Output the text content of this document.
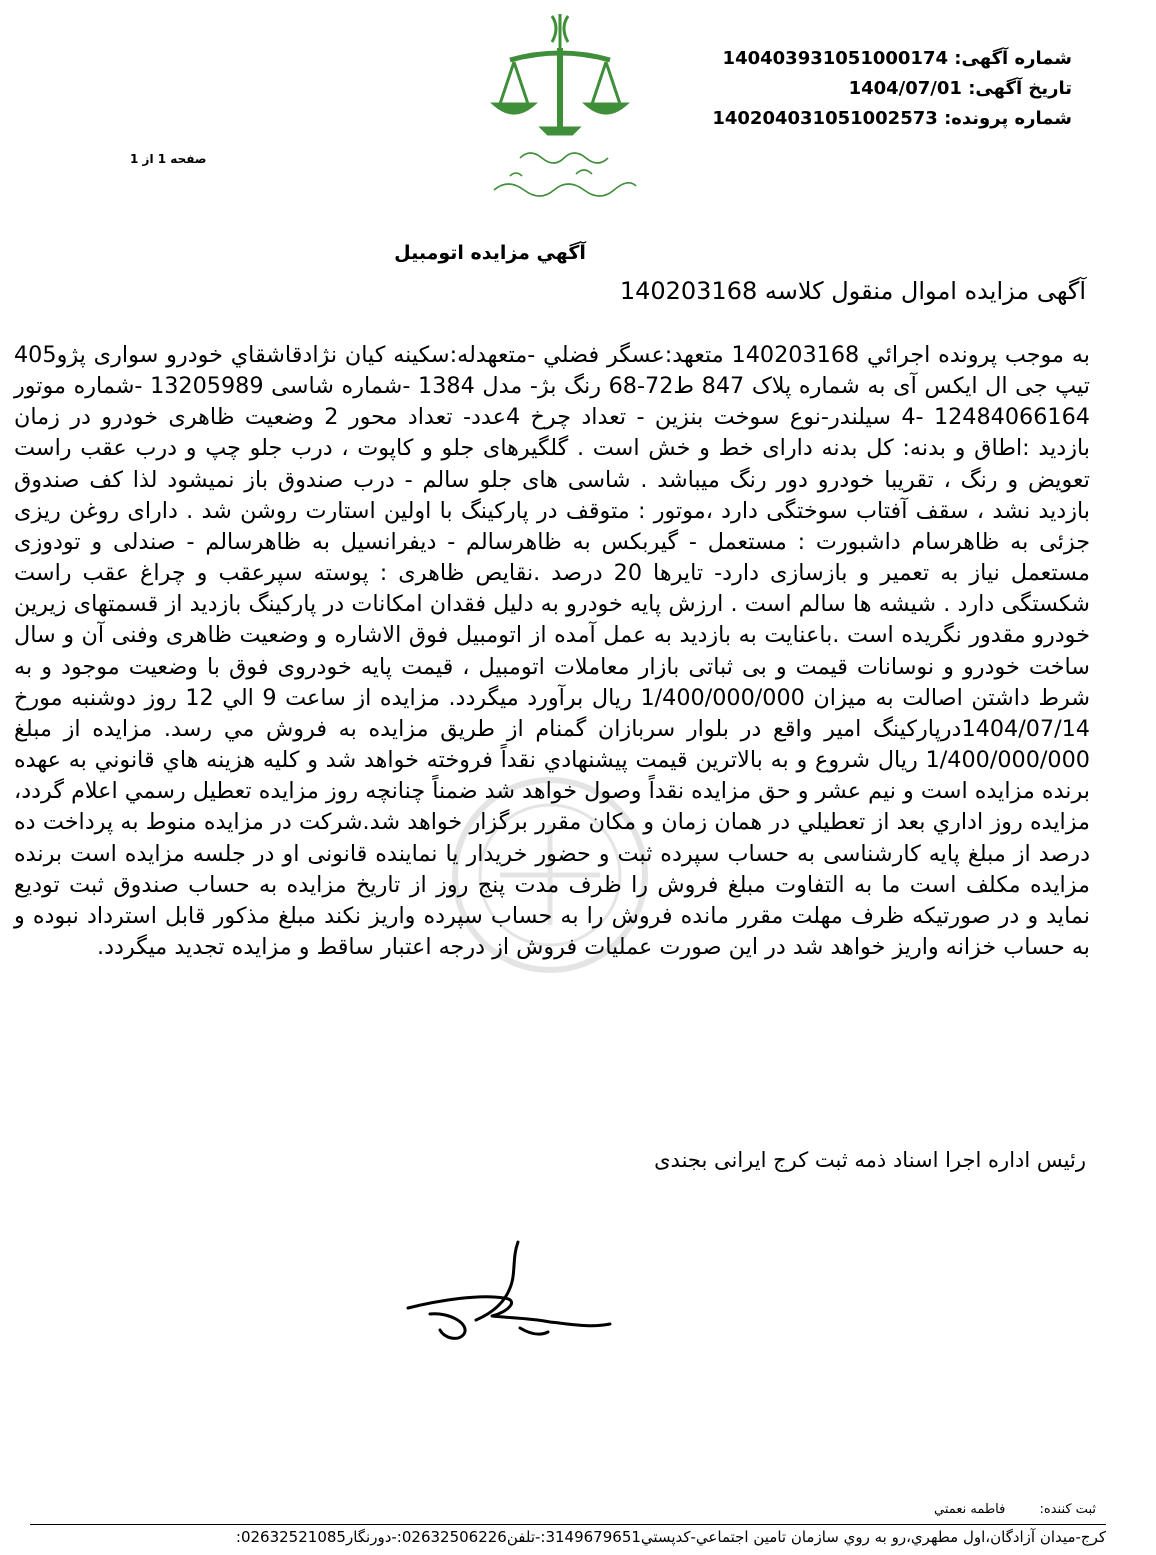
شماره آگهی: 140403931051000174
تاریخ آگهی: 1404/07/01
شماره پرونده: 140204031051002573
صفحه 1 از 1
آگهي مزايده اتومبيل
آگهی مزایده اموال منقول کلاسه 140203168
به موجب پرونده اجرائي 140203168 متعهد:عسگر فضلي -متعهدله:سکينه کيان نژادقاشقاي خودرو سواری پژو405 تیپ جی ال ایکس آی به شماره پلاک 847 ط72-68 رنگ بژ- مدل 1384 -شماره شاسی 13205989 -شماره موتور 12484066164 -4 سیلندر-نوع سوخت بنزین - تعداد چرخ 4عدد- تعداد محور 2 وضعیت ظاهری خودرو در زمان بازدید :اطاق و بدنه: کل بدنه دارای خط و خش است . گلگیرهای جلو و کاپوت ، درب جلو چپ و درب عقب راست تعویض و رنگ ، تقریبا خودرو دور رنگ میباشد . شاسی های جلو سالم - درب صندوق باز نمیشود لذا کف صندوق بازدید نشد ، سقف آفتاب سوختگی دارد ،موتور : متوقف در پارکینگ با اولین استارت روشن شد . دارای روغن ریزی جزئی به ظاهرسام داشبورت : مستعمل - گیربکس به ظاهرسالم - دیفرانسیل به ظاهرسالم - صندلی و تودوزی مستعمل نیاز به تعمیر و بازسازی دارد- تایرها 20 درصد .نقایص ظاهری : پوسته سپرعقب و چراغ عقب راست شکستگی دارد . شیشه ها سالم است . ارزش پایه خودرو به دلیل فقدان امکانات در پارکینگ بازدید از قسمتهای زیرین خودرو مقدور نگریده است .باعنایت به بازدید به عمل آمده از اتومبیل فوق الاشاره و وضعیت ظاهری وفنی آن و سال ساخت خودرو و نوسانات قیمت و بی ثباتی بازار معاملات اتومبیل ، قیمت پایه خودروی فوق با وضعیت موجود و به شرط داشتن اصالت به میزان 1/400/000/000 ریال برآورد میگردد. مزایده از ساعت 9 الي 12 روز دوشنبه مورخ 1404/07/14درپارکینگ امیر واقع در بلوار سربازان گمنام از طريق مزايده به فروش مي رسد. مزايده از مبلغ 1/400/000/000 ريال شروع و به بالاترين قيمت پيشنهادي نقداً فروخته خواهد شد و کليه هزينه هاي قانوني به عهده برنده مزايده است و نيم عشر و حق مزايده نقداً وصول خواهد شد ضمناً چنانچه روز مزايده تعطيل رسمي اعلام گردد، مزايده روز اداري بعد از تعطيلي در همان زمان و مکان مقرر برگزار خواهد شد.شرکت در مزایده منوط به پرداخت ده درصد از مبلغ پایه کارشناسی به حساب سپرده ثبت و حضور خریدار یا نماینده قانونی او در جلسه مزایده است برنده مزایده مکلف است ما به التفاوت مبلغ فروش را ظرف مدت پنج روز از تاریخ مزایده به حساب صندوق ثبت تودیع نماید و در صورتیکه ظرف مهلت مقرر مانده فروش را به حساب سپرده واریز نکند مبلغ مذکور قابل استرداد نبوده و به حساب خزانه واریز خواهد شد در این صورت عملیات فروش از درجه اعتبار ساقط و مزایده تجدید میگردد.
رئيس اداره اجرا اسناد ذمه ثبت کرج ايرانی بجندی
ثبت کننده: فاطمه نعمتي
کرج-ميدان آزادگان،اول مطهري،رو به روي سازمان تامين اجتماعي-کدپستي3149679651:-تلفن02632506226:-دورنگار02632521085:
